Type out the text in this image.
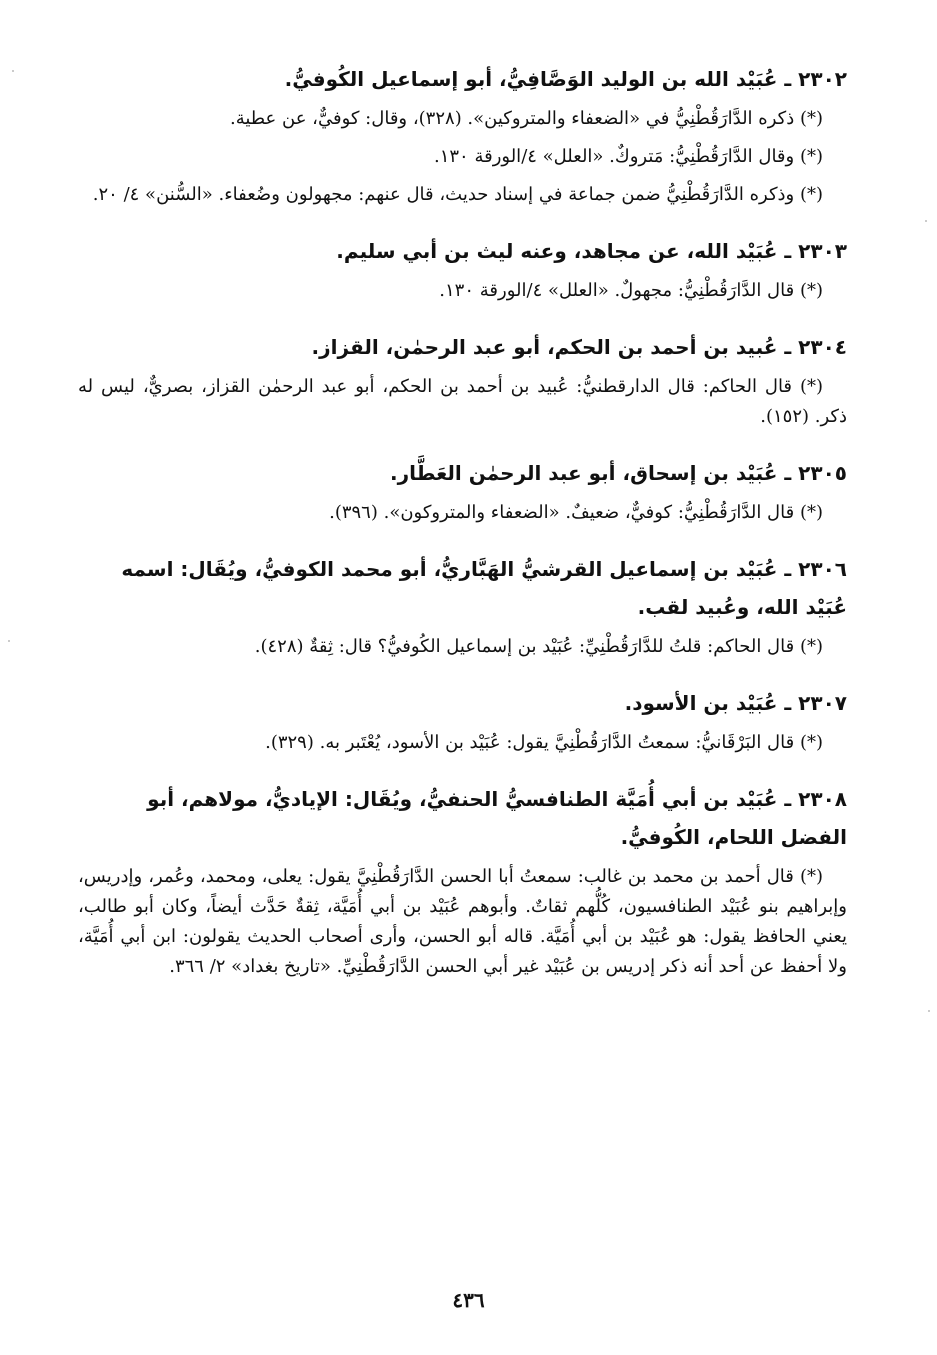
٢٣٠٢ ـ عُبَيْد الله بن الوليد الوَصَّافِيُّ، أبو إسماعيل الكُوفيُّ.

(*) ذكره الدَّارَقُطْنِيُّ في «الضعفاء والمتروكين». (٣٢٨)، وقال: كوفيٌّ، عن عطية.

(*) وقال الدَّارَقُطْنِيُّ: مَتروكٌ. «العلل» ٤/الورقة ١٣٠.

(*) وذكره الدَّارَقُطْنِيُّ ضمن جماعة في إسناد حديث، قال عنهم: مجهولون وضُعفاء. «السُّنن» ٤/ ٢٠.

٢٣٠٣ ـ عُبَيْد الله، عن مجاهد، وعنه ليث بن أبي سليم.

(*) قال الدَّارَقُطْنِيُّ: مجهولٌ. «العلل» ٤/الورقة ١٣٠.

٢٣٠٤ ـ عُبيد بن أحمد بن الحكم، أبو عبد الرحمٰن، القزاز.

(*) قال الحاكم: قال الدارقطنيُّ: عُبيد بن أحمد بن الحكم، أبو عبد الرحمٰن القزاز، بصريٌّ، ليس له ذكر. (١٥٢).

٢٣٠٥ ـ عُبَيْد بن إسحاق، أبو عبد الرحمٰن العَطَّار.

(*) قال الدَّارَقُطْنِيُّ: كوفيٌّ، ضعيفٌ. «الضعفاء والمتروكون». (٣٩٦).

٢٣٠٦ ـ عُبَيْد بن إسماعيل القرشيُّ الهَبَّاريُّ، أبو محمد الكوفيُّ، ويُقَال: اسمه عُبَيْد الله، وعُبيد لقب.

(*) قال الحاكم: قلتُ للدَّارَقُطْنِيِّ: عُبَيْد بن إسماعيل الكُوفيُّ؟ قال: ثِقةٌ (٤٢٨).

٢٣٠٧ ـ عُبَيْد بن الأسود.

(*) قال البَرْقَانيُّ: سمعتُ الدَّارَقُطْنِيَّ يقول: عُبَيْد بن الأسود، يُعْتَبر به. (٣٢٩).

٢٣٠٨ ـ عُبَيْد بن أبي أُمَيَّة الطنافسيُّ الحنفيُّ، ويُقَال: الإياديُّ، مولاهم، أبو الفضل اللحام، الكُوفيُّ.

(*) قال أحمد بن محمد بن غالب: سمعتُ أبا الحسن الدَّارَقُطْنِيَّ يقول: يعلى، ومحمد، وعُمر، وإدريس، وإبراهيم بنو عُبَيْد الطنافسيون، كُلُّهم ثقاتٌ. وأبوهم عُبَيْد بن أبي أُمَيَّة، ثِقةٌ حَدَّث أيضاً، وكان أبو طالب، يعني الحافظ يقول: هو عُبَيْد بن أبي أُمَيَّة. قاله أبو الحسن، وأرى أصحاب الحديث يقولون: ابن أبي أُمَيَّة، ولا أحفظ عن أحد أنه ذكر إدريس بن عُبَيْد غير أبي الحسن الدَّارَقُطْنِيِّ. «تاريخ بغداد» ٢/ ٣٦٦.

٤٣٦
